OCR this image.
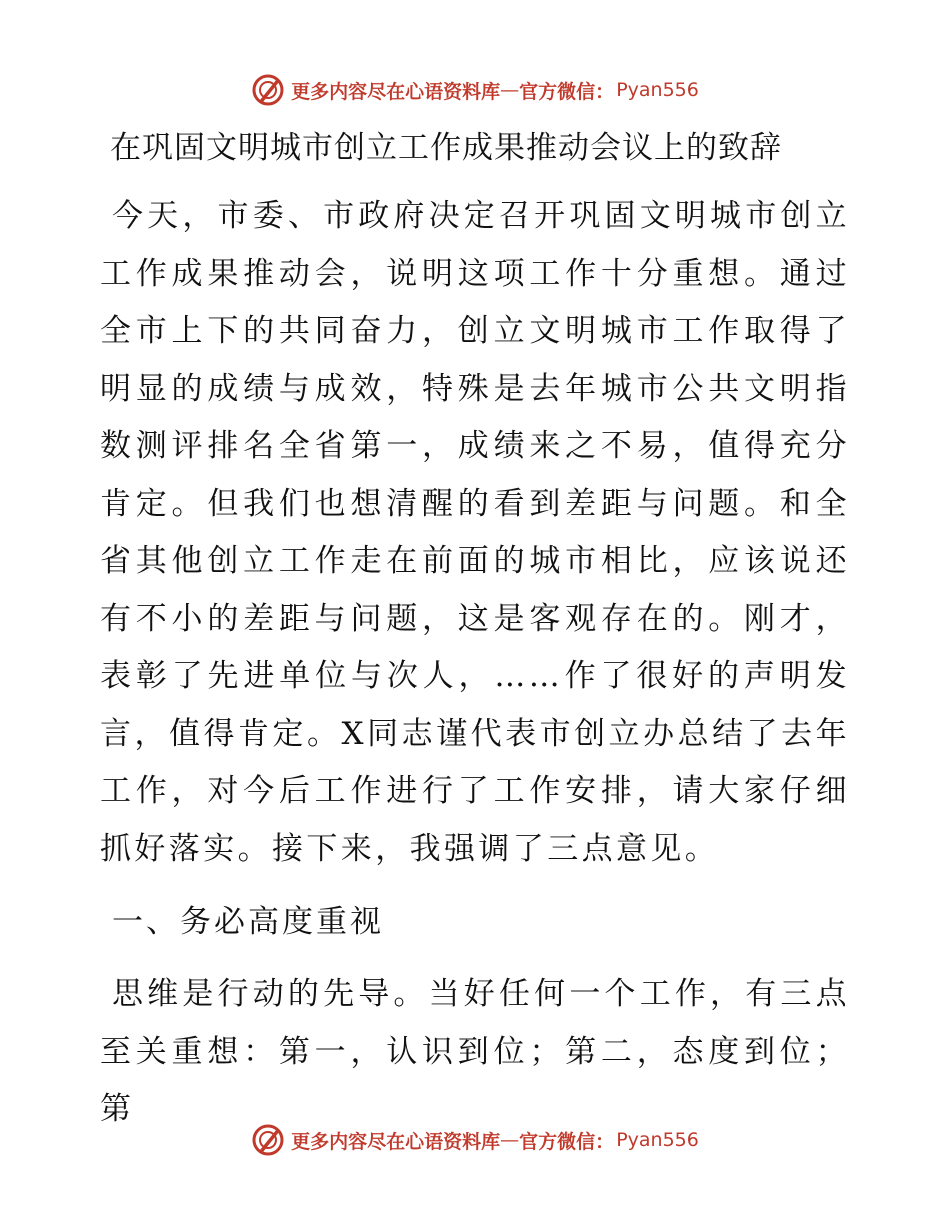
更多内容尽在心语资料库 — 官方微信： Pyan556
在巩固文明城市创立工作成果推动会议上的致辞

今天，市委、市政府决定召开巩固文明城市创立工作成果推动会，说明这项工作十分重想。通过全市上下的共同奋力，创立文明城市工作取得了明显的成绩与成效，特殊是去年城市公共文明指数测评排名全省第一，成绩来之不易，值得充分肯定。但我们也想清醒的看到差距与问题。和全省其他创立工作走在前面的城市相比，应该说还有不小的差距与问题，这是客观存在的。刚才，表彰了先进单位与次人，……作了很好的声明发言，值得肯定。X同志谨代表市创立办总结了去年工作，对今后工作进行了工作安排，请大家仔细抓好落实。接下来，我强调了三点意见。

一、务必高度重视

思维是行动的先导。当好任何一个工作，有三点至关重想：第一，认识到位；第二，态度到位；第

更多内容尽在心语资料库 — 官方微信： Pyan556
